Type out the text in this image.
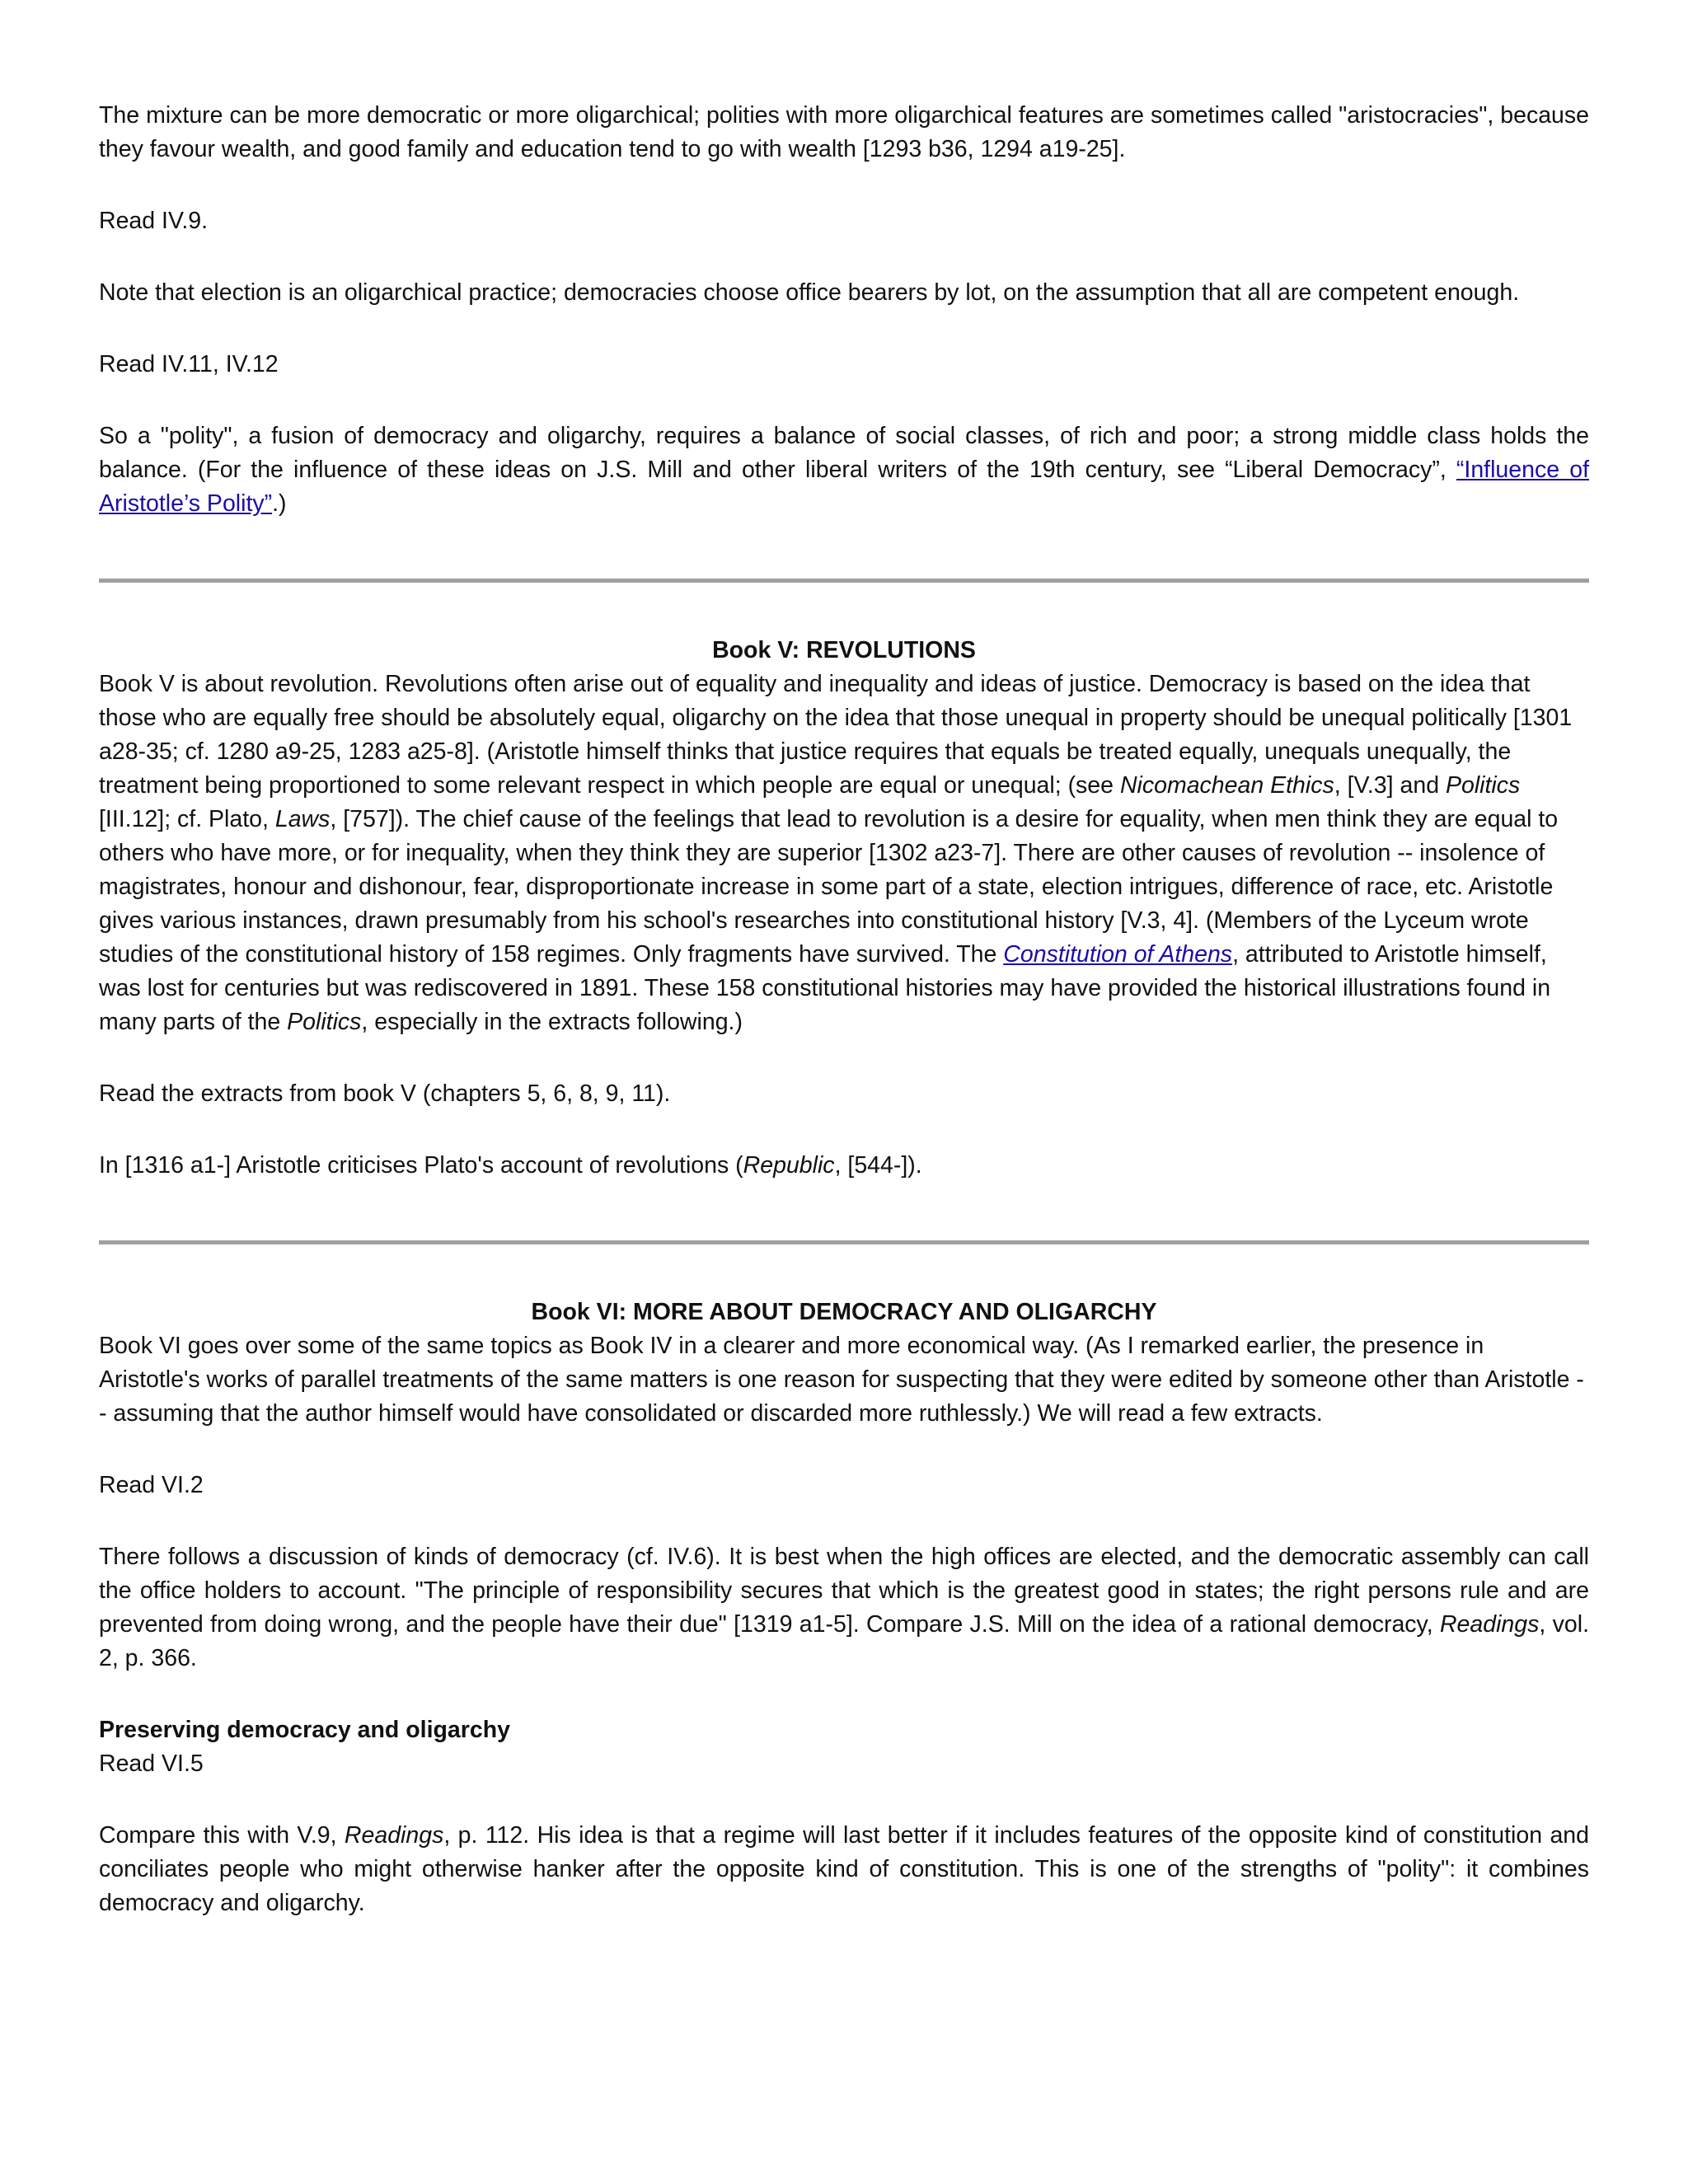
The mixture can be more democratic or more oligarchical; polities with more oligarchical features are sometimes called "aristocracies", because they favour wealth, and good family and education tend to go with wealth [1293 b36, 1294 a19-25].

Read IV.9.

Note that election is an oligarchical practice; democracies choose office bearers by lot, on the assumption that all are competent enough.

Read IV.11, IV.12

So a "polity", a fusion of democracy and oligarchy, requires a balance of social classes, of rich and poor; a strong middle class holds the balance. (For the influence of these ideas on J.S. Mill and other liberal writers of the 19th century, see “Liberal Democracy”, “Influence of Aristotle’s Polity”.)

Book V: REVOLUTIONS

Book V is about revolution. Revolutions often arise out of equality and inequality and ideas of justice. Democracy is based on the idea that those who are equally free should be absolutely equal, oligarchy on the idea that those unequal in property should be unequal politically [1301 a28-35; cf. 1280 a9-25, 1283 a25-8]. (Aristotle himself thinks that justice requires that equals be treated equally, unequals unequally, the treatment being proportioned to some relevant respect in which people are equal or unequal; (see Nicomachean Ethics, [V.3] and Politics [III.12]; cf. Plato, Laws, [757]). The chief cause of the feelings that lead to revolution is a desire for equality, when men think they are equal to others who have more, or for inequality, when they think they are superior [1302 a23-7]. There are other causes of revolution -- insolence of magistrates, honour and dishonour, fear, disproportionate increase in some part of a state, election intrigues, difference of race, etc. Aristotle gives various instances, drawn presumably from his school's researches into constitutional history [V.3, 4]. (Members of the Lyceum wrote studies of the constitutional history of 158 regimes. Only fragments have survived. The Constitution of Athens, attributed to Aristotle himself, was lost for centuries but was rediscovered in 1891. These 158 constitutional histories may have provided the historical illustrations found in many parts of the Politics, especially in the extracts following.)

Read the extracts from book V (chapters 5, 6, 8, 9, 11).

In [1316 a1-] Aristotle criticises Plato's account of revolutions (Republic, [544-]).

Book VI: MORE ABOUT DEMOCRACY AND OLIGARCHY

Book VI goes over some of the same topics as Book IV in a clearer and more economical way. (As I remarked earlier, the presence in Aristotle's works of parallel treatments of the same matters is one reason for suspecting that they were edited by someone other than Aristotle -- assuming that the author himself would have consolidated or discarded more ruthlessly.) We will read a few extracts.

Read VI.2

There follows a discussion of kinds of democracy (cf. IV.6). It is best when the high offices are elected, and the democratic assembly can call the office holders to account. "The principle of responsibility secures that which is the greatest good in states; the right persons rule and are prevented from doing wrong, and the people have their due" [1319 a1-5]. Compare J.S. Mill on the idea of a rational democracy, Readings, vol. 2, p. 366.

Preserving democracy and oligarchy

Read VI.5

Compare this with V.9, Readings, p. 112. His idea is that a regime will last better if it includes features of the opposite kind of constitution and conciliates people who might otherwise hanker after the opposite kind of constitution. This is one of the strengths of "polity": it combines democracy and oligarchy.
